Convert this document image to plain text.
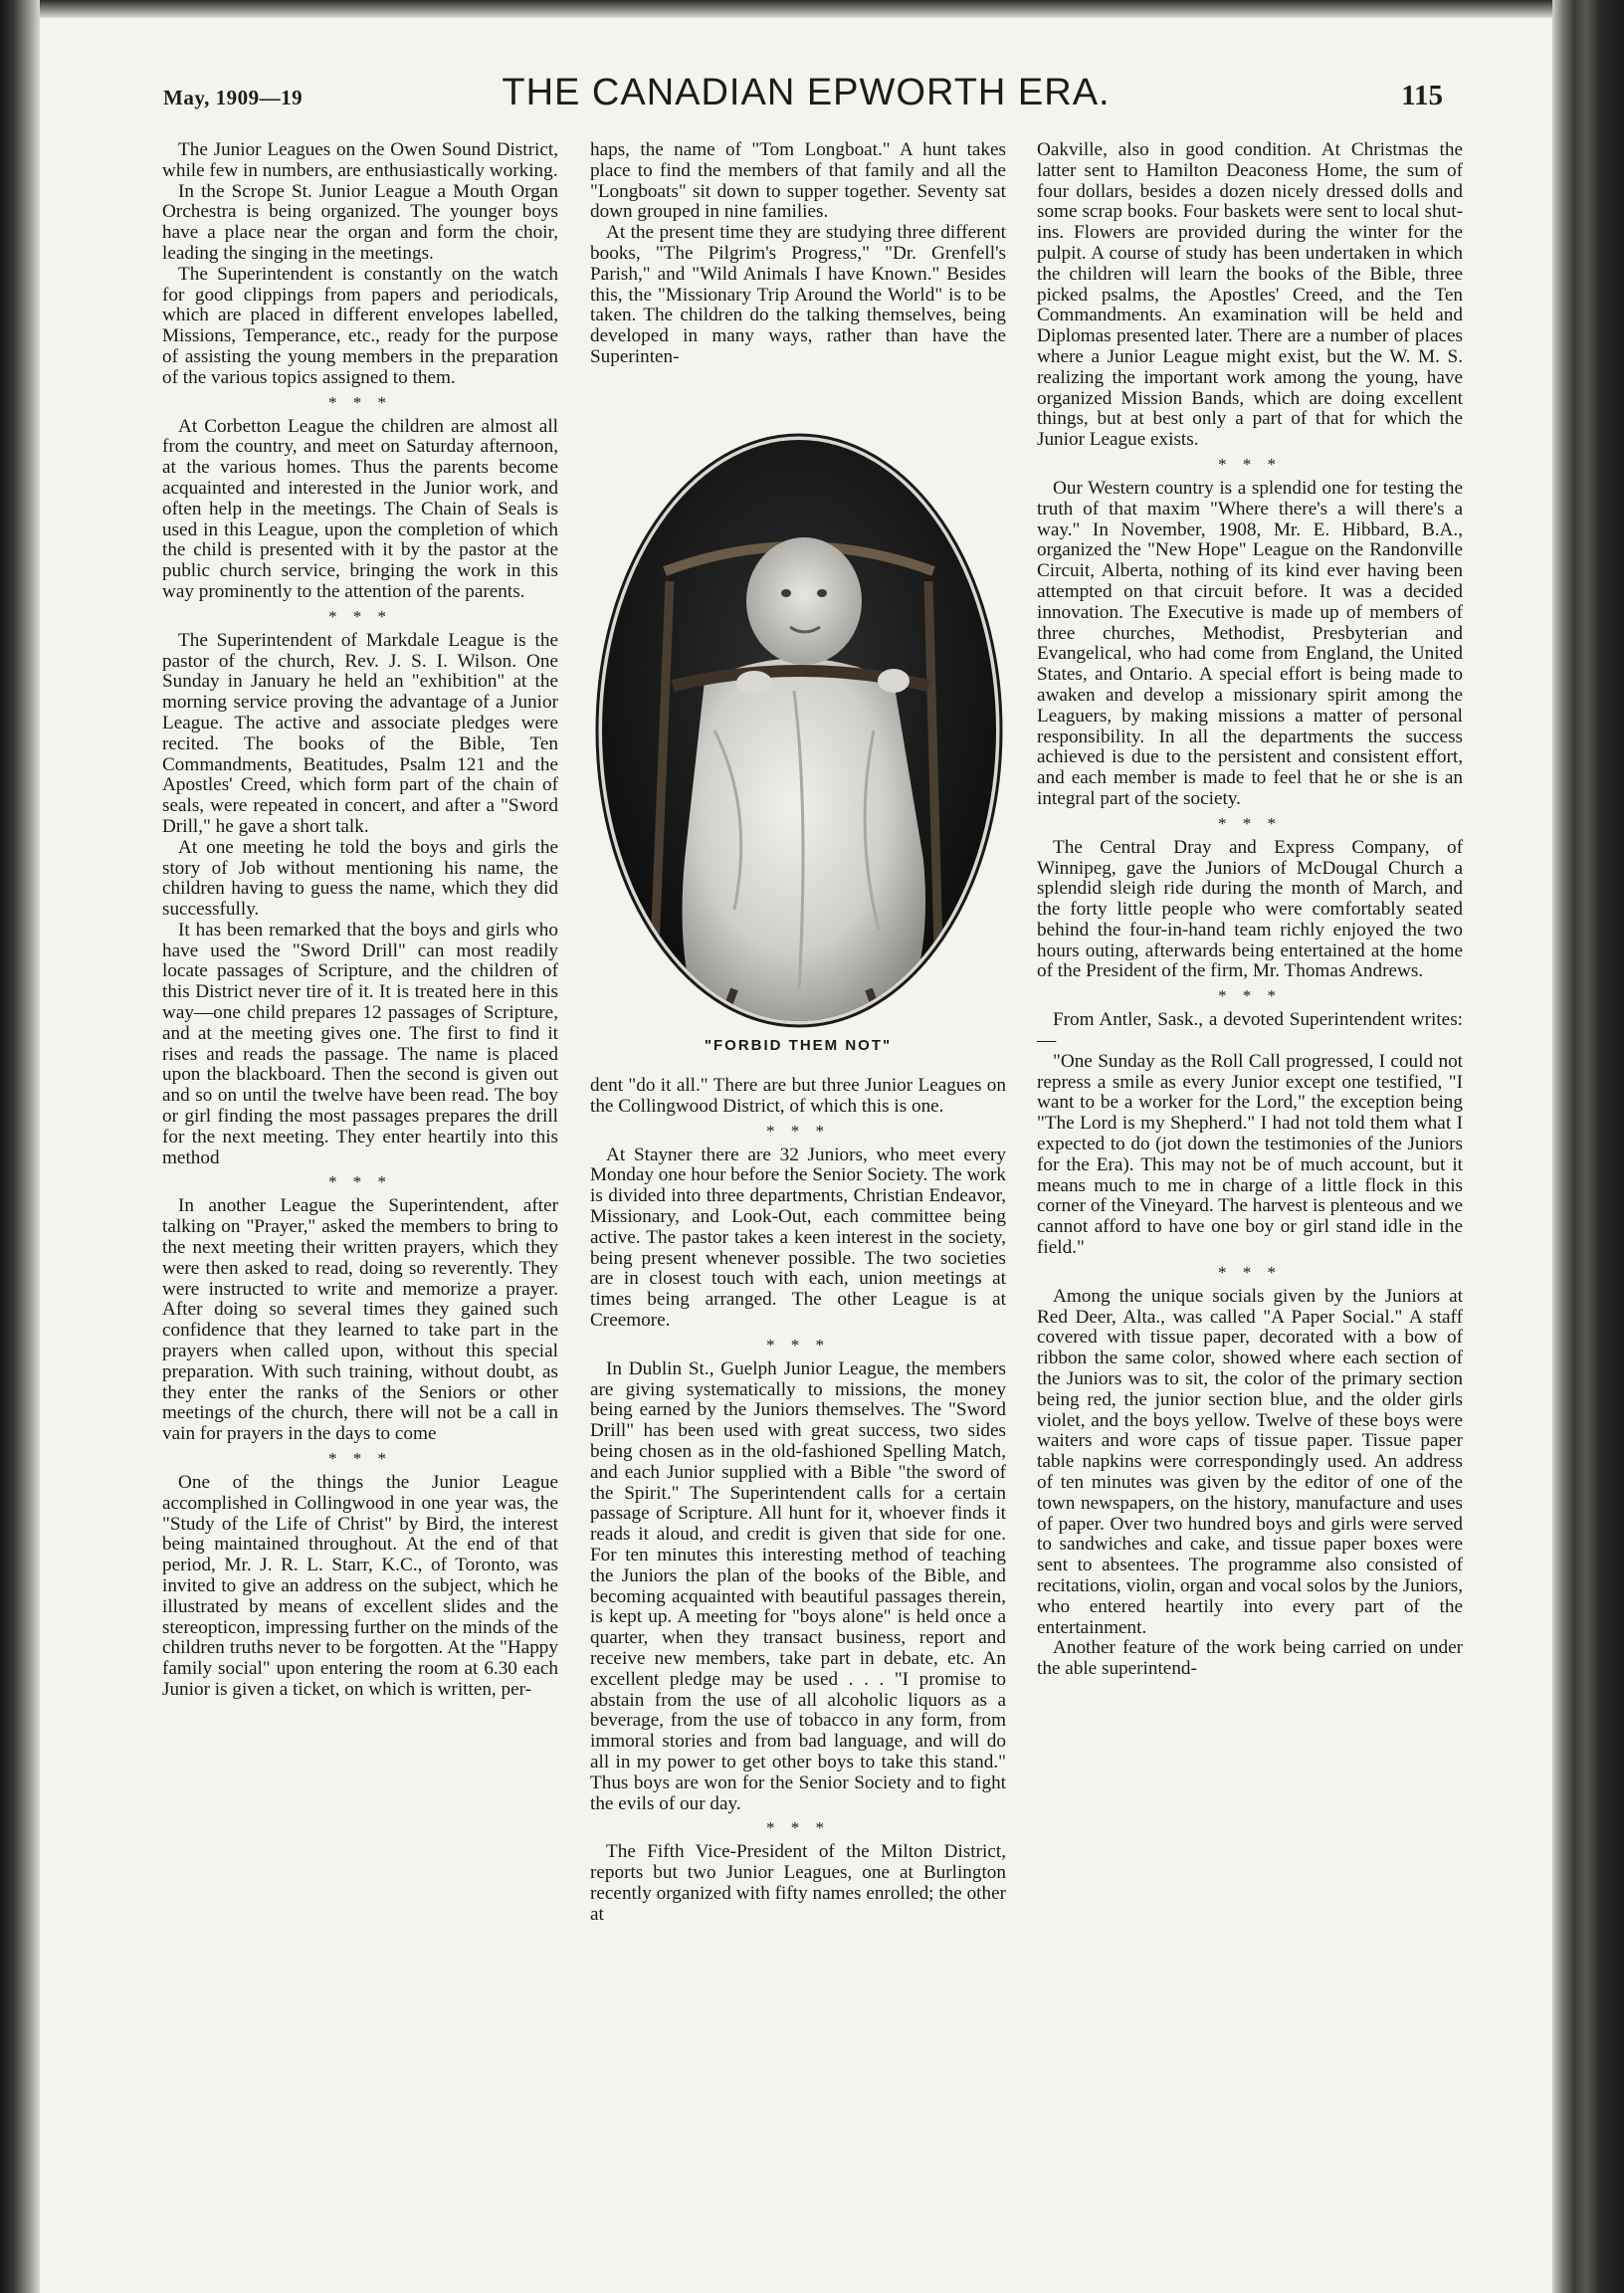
May, 1909—19	THE CANADIAN EPWORTH ERA.	115

The Junior Leagues on the Owen Sound District, while few in numbers, are enthusiastically working.

In the Scrope St. Junior League a Mouth Organ Orchestra is being organized. The younger boys have a place near the organ and form the choir, leading the singing in the meetings.

The Superintendent is constantly on the watch for good clippings from papers and periodicals, which are placed in different envelopes labelled, Missions, Temperance, etc., ready for the purpose of assisting the young members in the preparation of the various topics assigned to them.

* * *

At Corbetton League the children are almost all from the country, and meet on Saturday afternoon, at the various homes. Thus the parents become acquainted and interested in the Junior work, and often help in the meetings. The Chain of Seals is used in this League, upon the completion of which the child is presented with it by the pastor at the public church service, bringing the work in this way prominently to the attention of the parents.

* * *

The Superintendent of Markdale League is the pastor of the church, Rev. J. S. I. Wilson. One Sunday in January he held an "exhibition" at the morning service proving the advantage of a Junior League. The active and associate pledges were recited. The books of the Bible, Ten Commandments, Beatitudes, Psalm 121 and the Apostles' Creed, which form part of the chain of seals, were repeated in concert, and after a "Sword Drill," he gave a short talk.

At one meeting he told the boys and girls the story of Job without mentioning his name, the children having to guess the name, which they did successfully.

It has been remarked that the boys and girls who have used the "Sword Drill" can most readily locate passages of Scripture, and the children of this District never tire of it. It is treated here in this way—one child prepares 12 passages of Scripture, and at the meeting gives one. The first to find it rises and reads the passage. The name is placed upon the blackboard. Then the second is given out and so on until the twelve have been read. The boy or girl finding the most passages prepares the drill for the next meeting. They enter heartily into this method

* * *

In another League the Superintendent, after talking on "Prayer," asked the members to bring to the next meeting their written prayers, which they were then asked to read, doing so reverently. They were instructed to write and memorize a prayer. After doing so several times they gained such confidence that they learned to take part in the prayers when called upon, without this special preparation. With such training, without doubt, as they enter the ranks of the Seniors or other meetings of the church, there will not be a call in vain for prayers in the days to come

* * *

One of the things the Junior League accomplished in Collingwood in one year was, the "Study of the Life of Christ" by Bird, the interest being maintained throughout. At the end of that period, Mr. J. R. L. Starr, K.C., of Toronto, was invited to give an address on the subject, which he illustrated by means of excellent slides and the stereopticon, impressing further on the minds of the children truths never to be forgotten. At the "Happy family social" upon entering the room at 6.30 each Junior is given a ticket, on which is written, per-

haps, the name of "Tom Longboat." A hunt takes place to find the members of that family and all the "Longboats" sit down to supper together. Seventy sat down grouped in nine families.

At the present time they are studying three different books, "The Pilgrim's Progress," "Dr. Grenfell's Parish," and "Wild Animals I have Known." Besides this, the "Missionary Trip Around the World" is to be taken. The children do the talking themselves, being developed in many ways, rather than have the Superinten-

dent "do it all." There are but three Junior Leagues on the Collingwood District, of which this is one.

* * *

At Stayner there are 32 Juniors, who meet every Monday one hour before the Senior Society. The work is divided into three departments, Christian Endeavor, Missionary, and Look-Out, each committee being active. The pastor takes a keen interest in the society, being present whenever possible. The two societies are in closest touch with each, union meetings at times being arranged. The other League is at Creemore.

* * *

In Dublin St., Guelph Junior League, the members are giving systematically to missions, the money being earned by the Juniors themselves. The "Sword Drill" has been used with great success, two sides being chosen as in the old-fashioned Spelling Match, and each Junior supplied with a Bible "the sword of the Spirit." The Superintendent calls for a certain passage of Scripture. All hunt for it, whoever finds it reads it aloud, and credit is given that side for one. For ten minutes this interesting method of teaching the Juniors the plan of the books of the Bible, and becoming acquainted with beautiful passages therein, is kept up. A meeting for "boys alone" is held once a quarter, when they transact business, report and receive new members, take part in debate, etc. An excellent pledge may be used . . . "I promise to abstain from the use of all alcoholic liquors as a beverage, from the use of tobacco in any form, from immoral stories and from bad language, and will do all in my power to get other boys to take this stand." Thus boys are won for the Senior Society and to fight the evils of our day.

* * *

The Fifth Vice-President of the Milton District, reports but two Junior Leagues, one at Burlington recently organized with fifty names enrolled; the other at

"FORBID THEM NOT"

Oakville, also in good condition. At Christmas the latter sent to Hamilton Deaconess Home, the sum of four dollars, besides a dozen nicely dressed dolls and some scrap books. Four baskets were sent to local shut-ins. Flowers are provided during the winter for the pulpit. A course of study has been undertaken in which the children will learn the books of the Bible, three picked psalms, the Apostles' Creed, and the Ten Commandments. An examination will be held and Diplomas presented later. There are a number of places where a Junior League might exist, but the W. M. S. realizing the important work among the young, have organized Mission Bands, which are doing excellent things, but at best only a part of that for which the Junior League exists.

* * *

Our Western country is a splendid one for testing the truth of that maxim "Where there's a will there's a way." In November, 1908, Mr. E. Hibbard, B.A., organized the "New Hope" League on the Randonville Circuit, Alberta, nothing of its kind ever having been attempted on that circuit before. It was a decided innovation. The Executive is made up of members of three churches, Methodist, Presbyterian and Evangelical, who had come from England, the United States, and Ontario. A special effort is being made to awaken and develop a missionary spirit among the Leaguers, by making missions a matter of personal responsibility. In all the departments the success achieved is due to the persistent and consistent effort, and each member is made to feel that he or she is an integral part of the society.

* * *

The Central Dray and Express Company, of Winnipeg, gave the Juniors of McDougal Church a splendid sleigh ride during the month of March, and the forty little people who were comfortably seated behind the four-in-hand team richly enjoyed the two hours outing, afterwards being entertained at the home of the President of the firm, Mr. Thomas Andrews.

* * *

From Antler, Sask., a devoted Superintendent writes:—

"One Sunday as the Roll Call progressed, I could not repress a smile as every Junior except one testified, "I want to be a worker for the Lord," the exception being "The Lord is my Shepherd." I had not told them what I expected to do (jot down the testimonies of the Juniors for the Era). This may not be of much account, but it means much to me in charge of a little flock in this corner of the Vineyard. The harvest is plenteous and we cannot afford to have one boy or girl stand idle in the field."

* * *

Among the unique socials given by the Juniors at Red Deer, Alta., was called "A Paper Social." A staff covered with tissue paper, decorated with a bow of ribbon the same color, showed where each section of the Juniors was to sit, the color of the primary section being red, the junior section blue, and the older girls violet, and the boys yellow. Twelve of these boys were waiters and wore caps of tissue paper. Tissue paper table napkins were correspondingly used. An address of ten minutes was given by the editor of one of the town newspapers, on the history, manufacture and uses of paper. Over two hundred boys and girls were served to sandwiches and cake, and tissue paper boxes were sent to absentees. The programme also consisted of recitations, violin, organ and vocal solos by the Juniors, who entered heartily into every part of the entertainment.

Another feature of the work being carried on under the able superintend-
